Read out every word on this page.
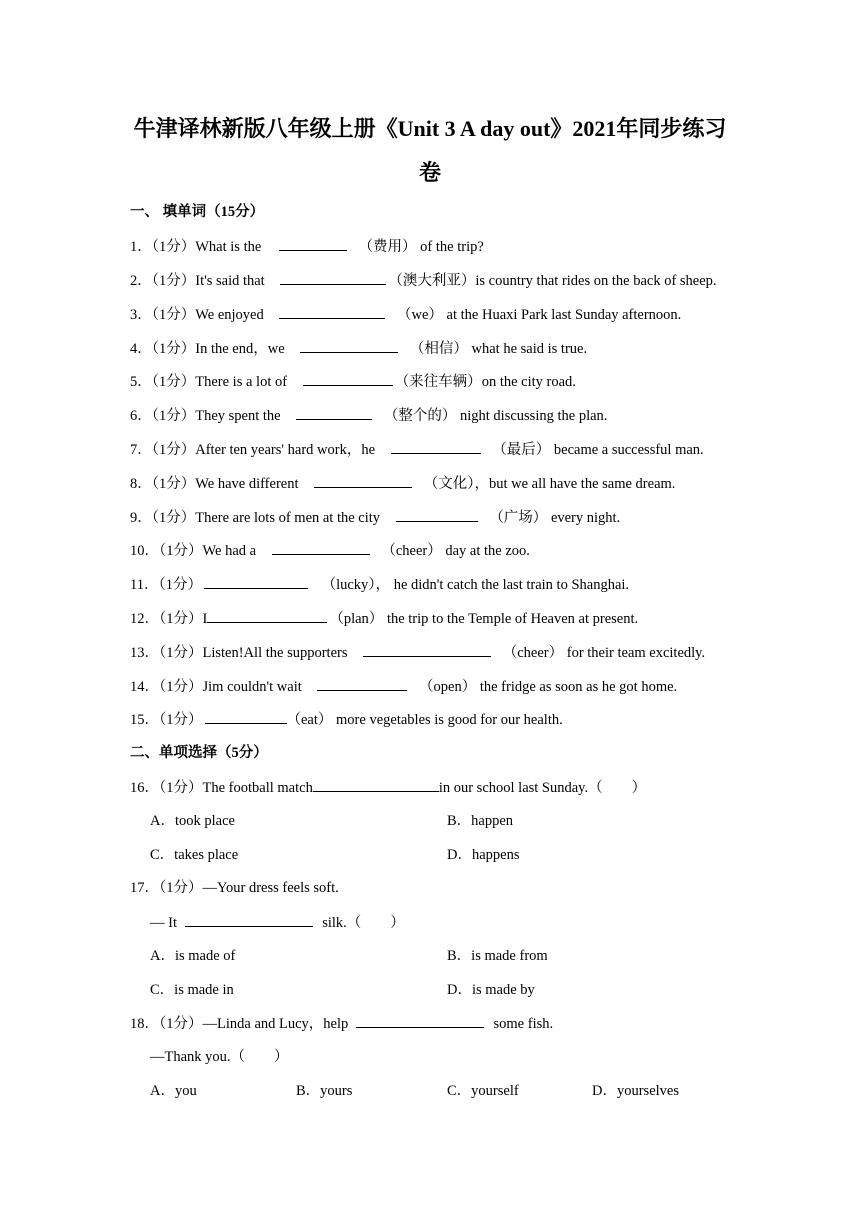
牛津译林新版八年级上册《Unit 3 A day out》2021年同步练习
卷
一、 填单词（15分）
1．（1分）What is the	（费用） of the trip?
2．（1分）It's said that	（澳大利亚）is country that rides on the back of sheep.
3．（1分）We enjoyed	（we） at the Huaxi Park last Sunday afternoon.
4．（1分）In the end，we	（相信） what he said is true.
5．（1分）There is a lot of	（来往车辆）on the city road.
6．（1分）They spent the	（整个的） night discussing the plan.
7．（1分）After ten years' hard work，he	（最后） became a successful man.
8．（1分）We have different	（文化），but we all have the same dream.
9．（1分）There are lots of men at the city	（广场） every night.
10．（1分）We had a	（cheer） day at the zoo.
11．（1分）	（lucky）， he didn't catch the last train to Shanghai.
12．（1分）I	（plan） the trip to the Temple of Heaven at present.
13．（1分）Listen!All the supporters	（cheer） for their team excitedly.
14．（1分）Jim couldn't wait	（open） the fridge as soon as he got home.
15．（1分）	（eat） more vegetables is good for our health.
二、单项选择（5分）
16．（1分）The football match	in our school last Sunday.（　　）
A．took place	B．happen
C．takes place	D．happens
17．（1分）—Your dress feels soft.
— It	silk.（　　）
A．is made of	B．is made from
C．is made in	D．is made by
18．（1分）—Linda and Lucy，help	some fish.
—Thank you.（　　）
A．you	B．yours	C．yourself	D．yourselves
